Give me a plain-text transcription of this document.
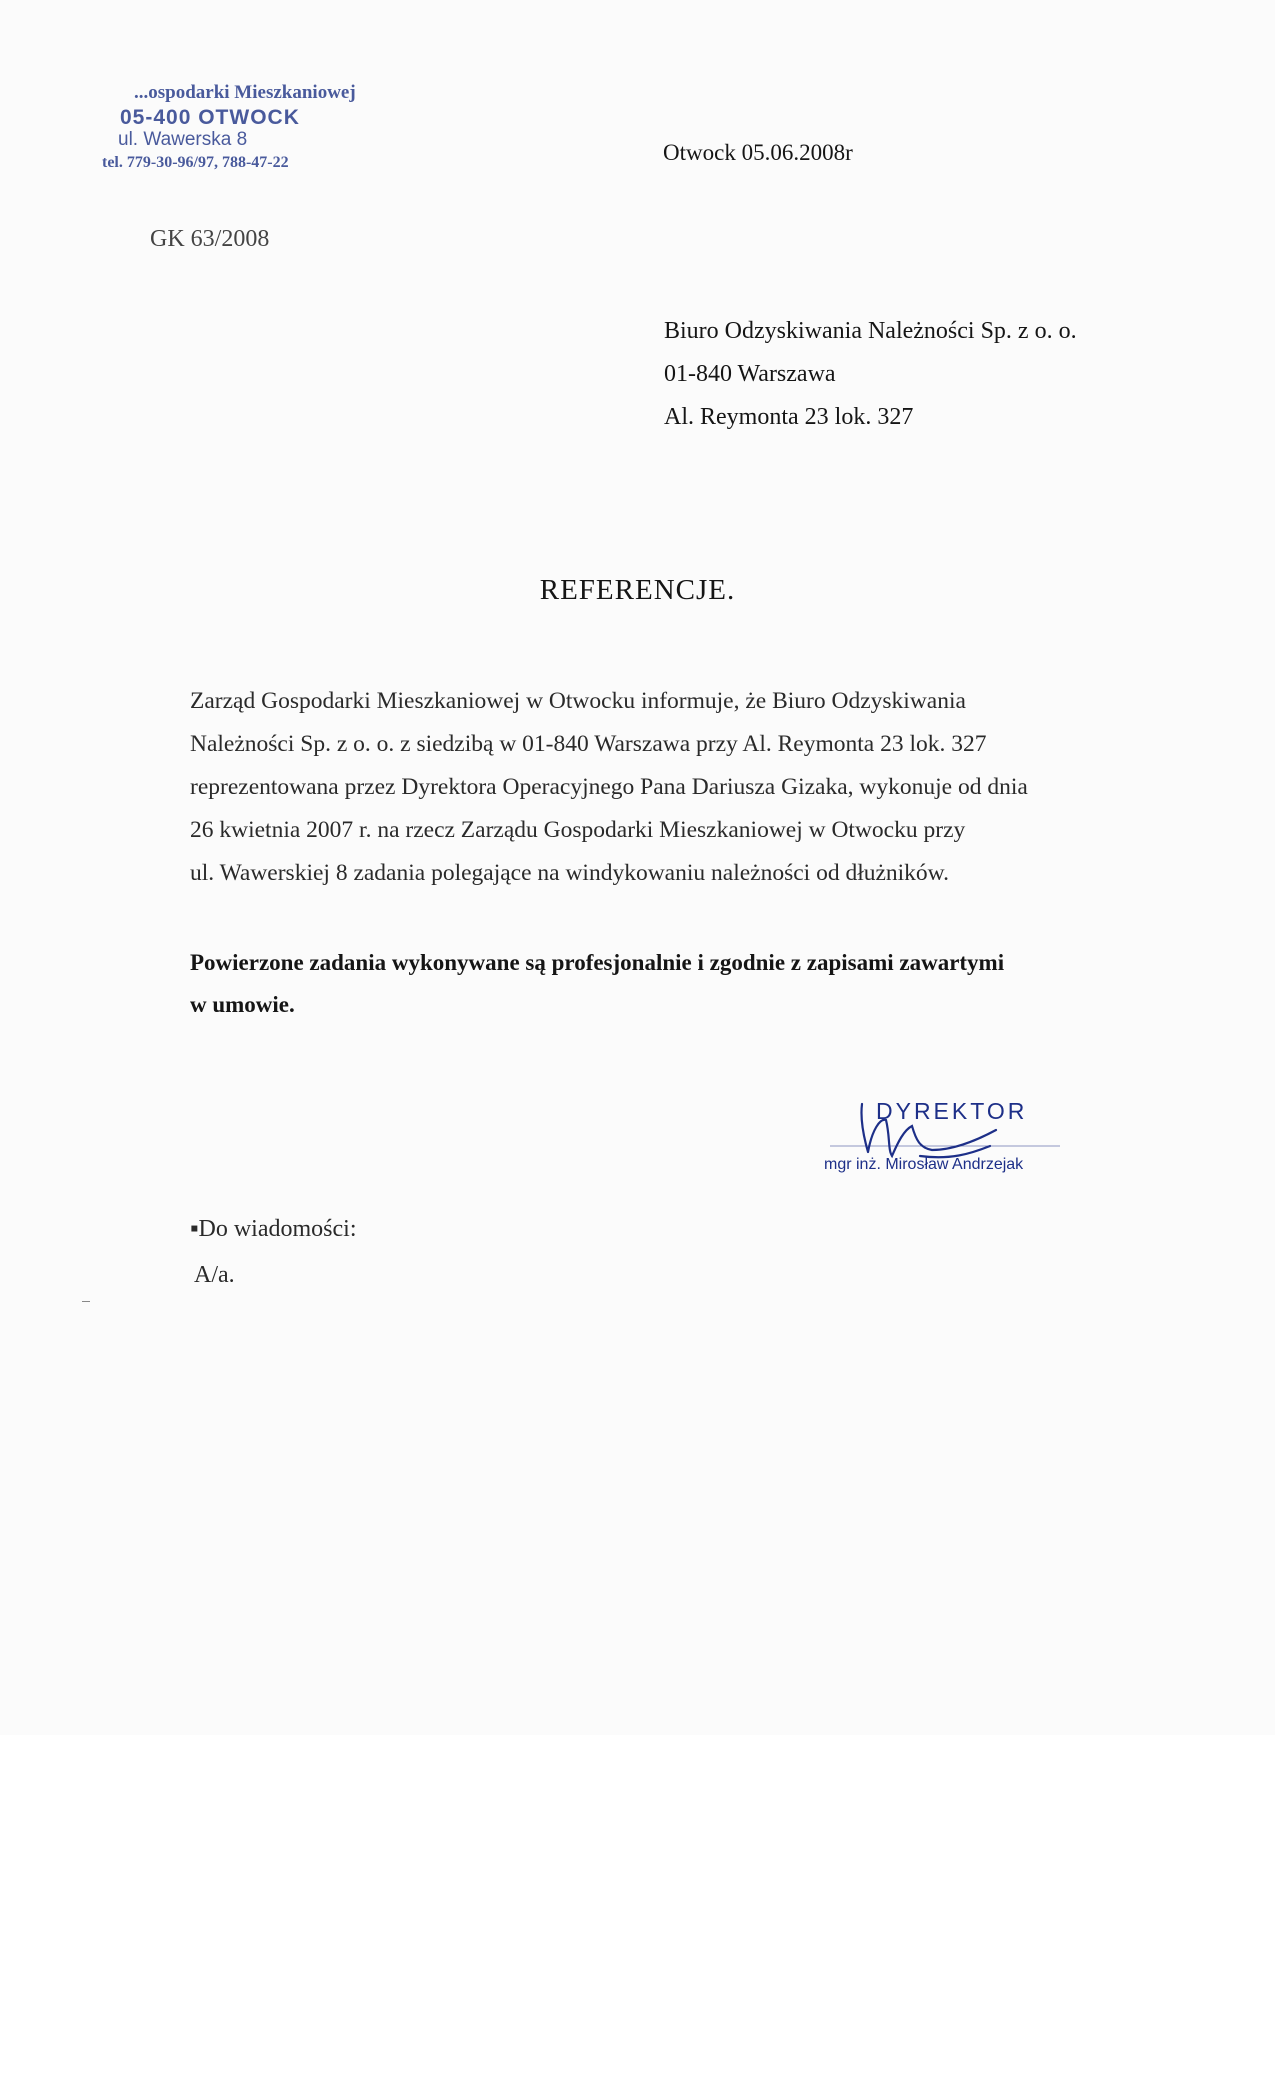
...ospodarki Mieszkaniowej
05-400 OTWOCK
ul. Wawerska 8
tel. 779-30-96/97, 788-47-22	Otwock 05.06.2008r
GK 63/2008
Biuro Odzyskiwania Należności Sp. z o. o.
01-840 Warszawa
Al. Reymonta 23 lok. 327
REFERENCJE.
Zarząd Gospodarki Mieszkaniowej w Otwocku informuje, że Biuro Odzyskiwania
Należności Sp. z o. o. z siedzibą w 01-840 Warszawa przy Al. Reymonta 23 lok. 327
reprezentowana przez Dyrektora Operacyjnego Pana Dariusza Gizaka, wykonuje od dnia
26 kwietnia 2007 r. na rzecz Zarządu Gospodarki Mieszkaniowej w Otwocku przy
ul. Wawerskiej 8 zadania polegające na windykowaniu należności od dłużników.
Powierzone zadania wykonywane są profesjonalnie i zgodnie z zapisami zawartymi
w umowie.
DYREKTOR
mgr inż. Mirosław Andrzejak
▪Do wiadomości:
A/a.
